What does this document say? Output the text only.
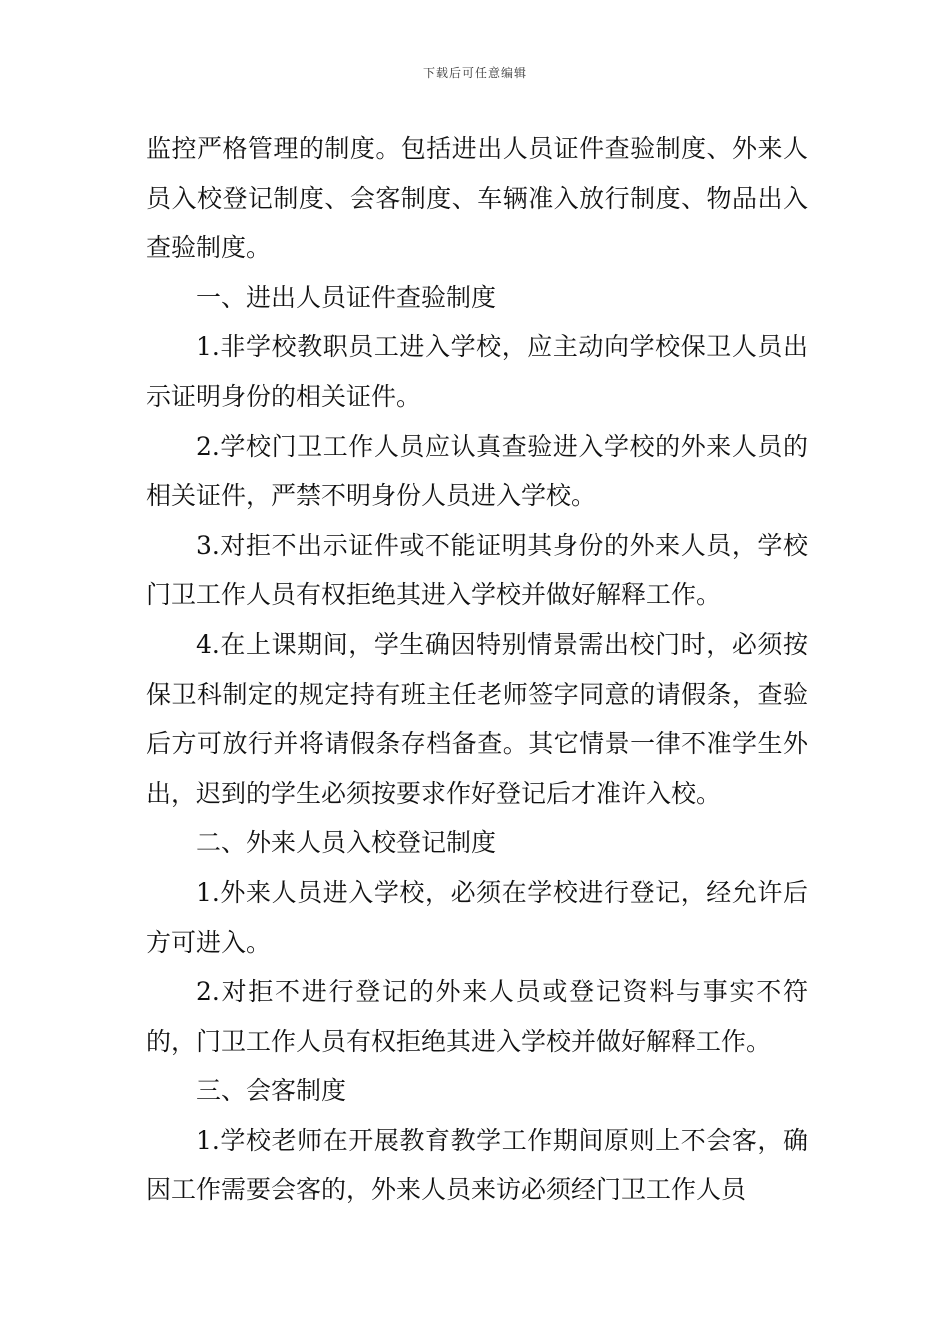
下载后可任意编辑

监控严格管理的制度。包括进出人员证件查验制度、外来人员入校登记制度、会客制度、车辆准入放行制度、物品出入查验制度。

一、进出人员证件查验制度

1.非学校教职员工进入学校，应主动向学校保卫人员出示证明身份的相关证件。

2.学校门卫工作人员应认真查验进入学校的外来人员的相关证件，严禁不明身份人员进入学校。

3.对拒不出示证件或不能证明其身份的外来人员，学校门卫工作人员有权拒绝其进入学校并做好解释工作。

4.在上课期间，学生确因特别情景需出校门时，必须按保卫科制定的规定持有班主任老师签字同意的请假条，查验后方可放行并将请假条存档备查。其它情景一律不准学生外出，迟到的学生必须按要求作好登记后才准许入校。

二、外来人员入校登记制度

1.外来人员进入学校，必须在学校进行登记，经允许后方可进入。

2.对拒不进行登记的外来人员或登记资料与事实不符的，门卫工作人员有权拒绝其进入学校并做好解释工作。

三、会客制度

1.学校老师在开展教育教学工作期间原则上不会客，确因工作需要会客的，外来人员来访必须经门卫工作人员
